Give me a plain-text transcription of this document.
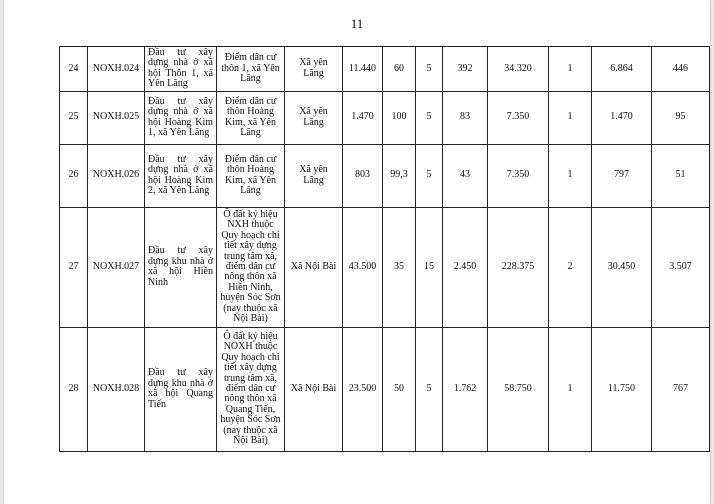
11
24	NOXH.024	Đầu tư xây dựng nhà ở xã hội Thôn 1, xã Yên Lãng	Điểm dân cư thôn 1, xã Yên Lãng	Xã yên Lãng	11.440	60	5	392	34.320	1	6.864	446
25	NOXH.025	Đầu tư xây dựng nhà ở xã hội Hoàng Kim 1, xã Yên Lãng	Điểm dân cư thôn Hoàng Kim, xã Yên Lãng	Xã yên Lãng	1.470	100	5	83	7.350	1	1.470	95
26	NOXH.026	Đầu tư xây dựng nhà ở xã hội Hoàng Kim 2, xã Yên Lãng	Điểm dân cư thôn Hoàng Kim, xã Yên Lãng	Xã yên Lãng	803	99,3	5	43	7.350	1	797	51
27	NOXH.027	Đầu tư xây dựng khu nhà ở xã hội Hiền Ninh	Ô đất ký hiệu NXH thuộc Quy hoạch chi tiết xây dựng trung tâm xã, điểm dân cư nông thôn xã Hiền Ninh, huyện Sóc Sơn (nay thuộc xã Nội Bài)	Xã Nội Bài	43.500	35	15	2.450	228.375	2	30.450	3.507
28	NOXH.028	Đầu tư xây dựng khu nhà ở xã hội Quang Tiến	Ô đất ký hiệu NOXH thuộc Quy hoạch chi tiết xây dựng trung tâm xã, điểm dân cư nông thôn xã Quang Tiến, huyện Sóc Sơn (nay thuộc xã Nội Bài)	Xã Nội Bài	23.500	50	5	1.762	58.750	1	11.750	767
